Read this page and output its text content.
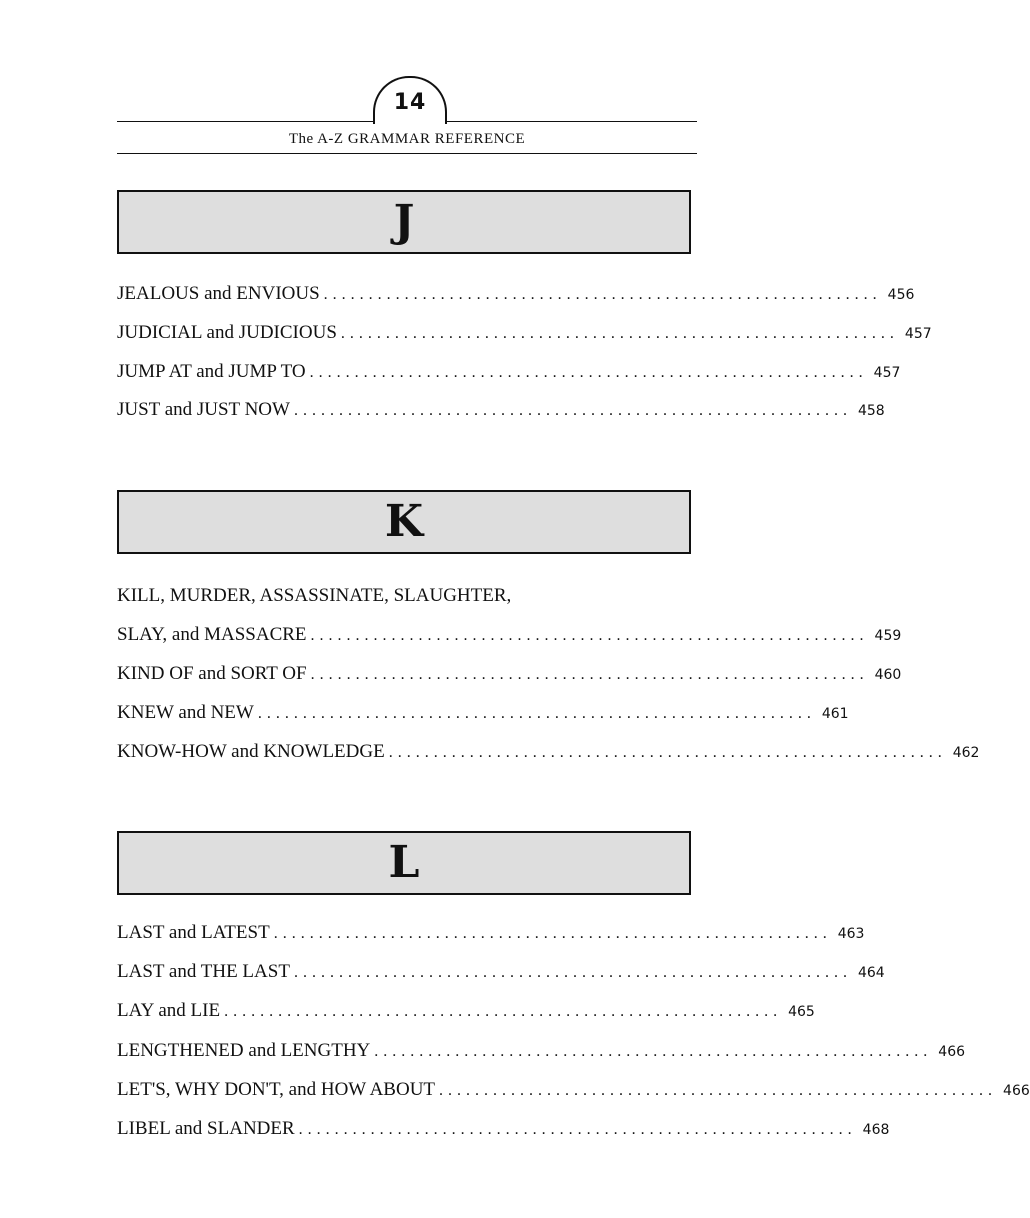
14
The A-Z GRAMMAR REFERENCE
J
JEALOUS and ENVIOUS .............................................................. 456
JUDICIAL and JUDICIOUS .............................................................. 457
JUMP AT and JUMP TO .............................................................. 457
JUST and JUST NOW .............................................................. 458
K
KILL, MURDER, ASSASSINATE, SLAUGHTER,
SLAY, and MASSACRE .............................................................. 459
KIND OF and SORT OF .............................................................. 460
KNEW and NEW .............................................................. 461
KNOW-HOW and KNOWLEDGE .............................................................. 462
L
LAST and LATEST .............................................................. 463
LAST and THE LAST .............................................................. 464
LAY and LIE .............................................................. 465
LENGTHENED and LENGTHY .............................................................. 466
LET'S, WHY DON'T, and HOW ABOUT .............................................................. 466
LIBEL and SLANDER .............................................................. 468
